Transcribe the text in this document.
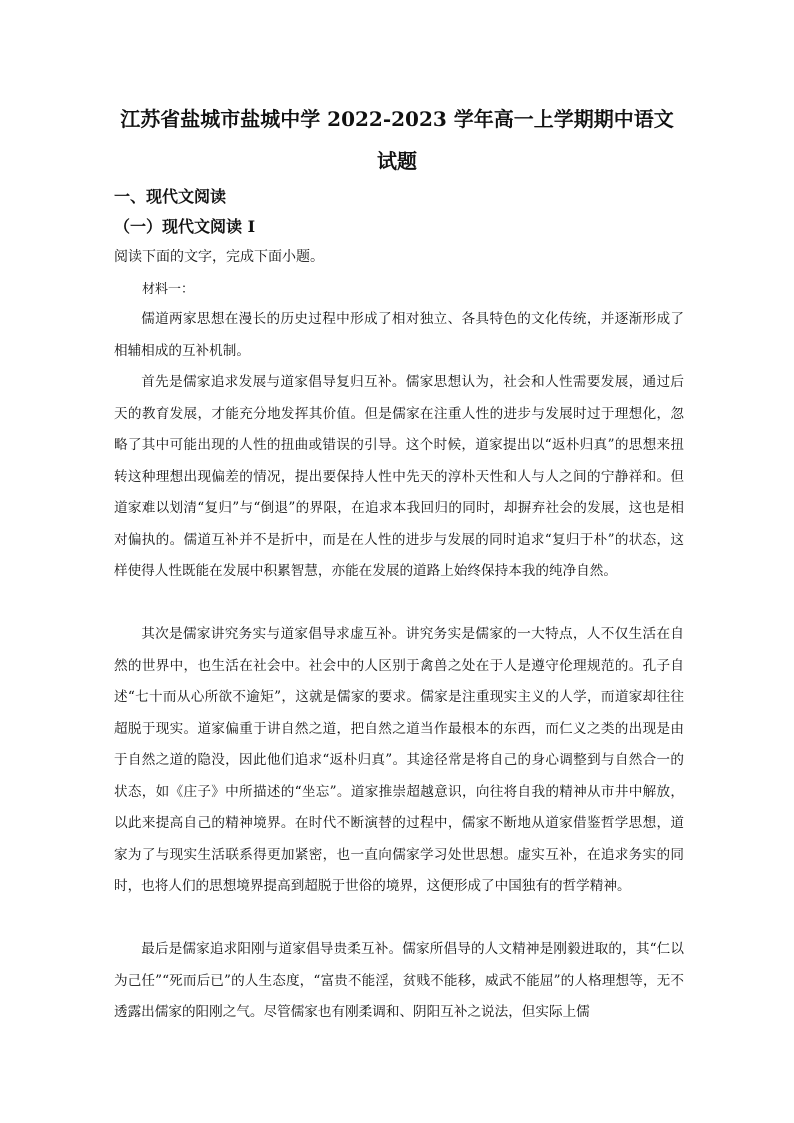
江苏省盐城市盐城中学 2022-2023 学年高一上学期期中语文
试题
一、现代文阅读
（一）现代文阅读 I
阅读下面的文字，完成下面小题。
材料一：

儒道两家思想在漫长的历史过程中形成了相对独立、各具特色的文化传统，并逐渐形成了相辅相成的互补机制。

首先是儒家追求发展与道家倡导复归互补。儒家思想认为，社会和人性需要发展，通过后天的教育发展，才能充分地发挥其价值。但是儒家在注重人性的进步与发展时过于理想化，忽略了其中可能出现的人性的扭曲或错误的引导。这个时候，道家提出以“返朴归真”的思想来扭转这种理想出现偏差的情况，提出要保持人性中先天的淳朴天性和人与人之间的宁静祥和。但道家难以划清“复归”与“倒退”的界限，在追求本我回归的同时，却摒弃社会的发展，这也是相对偏执的。儒道互补并不是折中，而是在人性的进步与发展的同时追求“复归于朴”的状态，这样使得人性既能在发展中积累智慧，亦能在发展的道路上始终保持本我的纯净自然。

其次是儒家讲究务实与道家倡导求虚互补。讲究务实是儒家的一大特点，人不仅生活在自然的世界中，也生活在社会中。社会中的人区别于禽兽之处在于人是遵守伦理规范的。孔子自述“七十而从心所欲不逾矩”，这就是儒家的要求。儒家是注重现实主义的人学，而道家却往往超脱于现实。道家偏重于讲自然之道，把自然之道当作最根本的东西，而仁义之类的出现是由于自然之道的隐没，因此他们追求“返朴归真”。其途径常是将自己的身心调整到与自然合一的状态，如《庄子》中所描述的“坐忘”。道家推崇超越意识，向往将自我的精神从市井中解放，以此来提高自己的精神境界。在时代不断演替的过程中，儒家不断地从道家借鉴哲学思想，道家为了与现实生活联系得更加紧密，也一直向儒家学习处世思想。虚实互补，在追求务实的同时，也将人们的思想境界提高到超脱于世俗的境界，这便形成了中国独有的哲学精神。

最后是儒家追求阳刚与道家倡导贵柔互补。儒家所倡导的人文精神是刚毅进取的，其“仁以为己任”“死而后已”的人生态度，“富贵不能淫，贫贱不能移，威武不能屈”的人格理想等，无不透露出儒家的阳刚之气。尽管儒家也有刚柔调和、阴阳互补之说法，但实际上儒
